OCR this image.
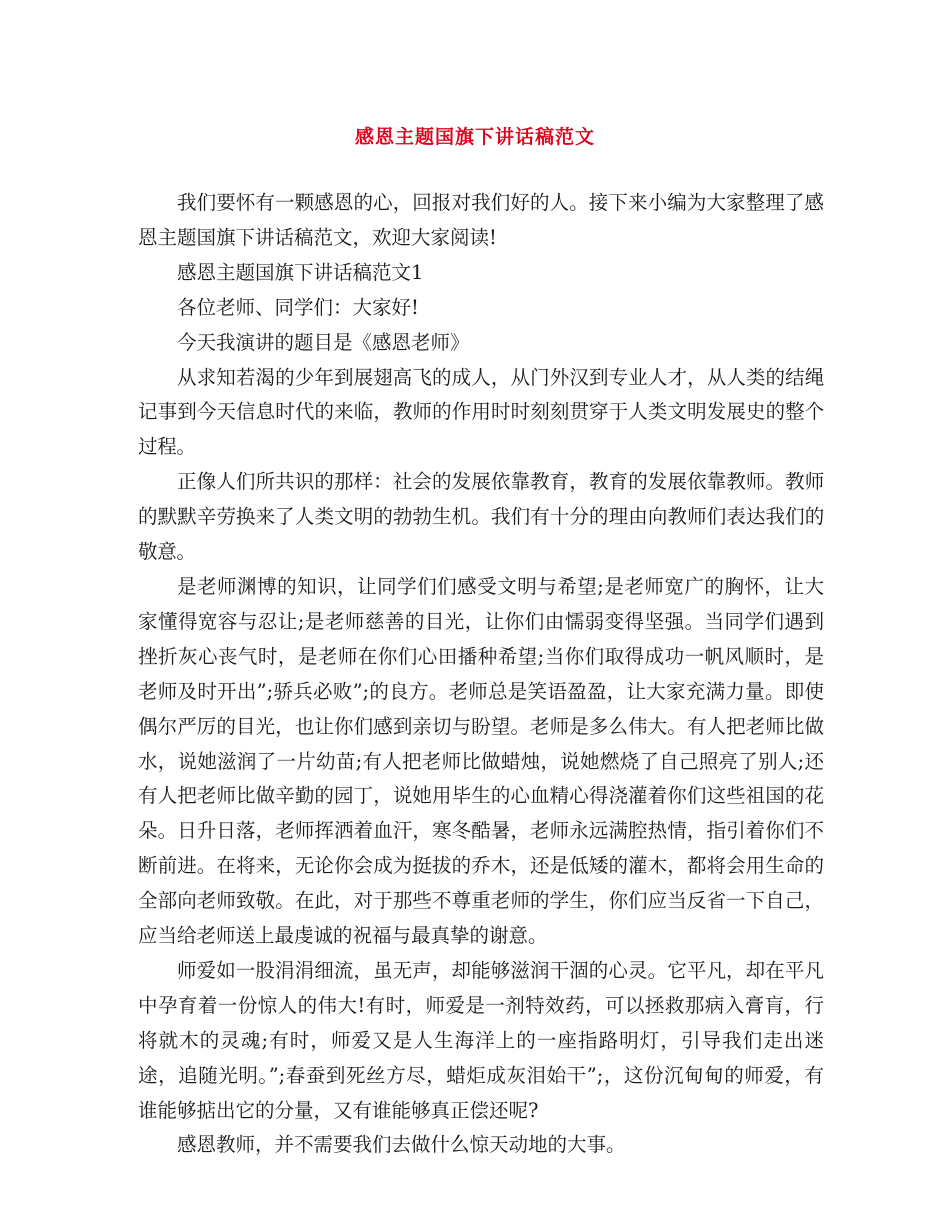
感恩主题国旗下讲话稿范文

我们要怀有一颗感恩的心，回报对我们好的人。接下来小编为大家整理了感恩主题国旗下讲话稿范文，欢迎大家阅读!

感恩主题国旗下讲话稿范文1

各位老师、同学们：大家好!

今天我演讲的题目是《感恩老师》

从求知若渴的少年到展翅高飞的成人，从门外汉到专业人才，从人类的结绳记事到今天信息时代的来临，教师的作用时时刻刻贯穿于人类文明发展史的整个过程。

正像人们所共识的那样：社会的发展依靠教育，教育的发展依靠教师。教师的默默辛劳换来了人类文明的勃勃生机。我们有十分的理由向教师们表达我们的敬意。

是老师渊博的知识，让同学们们感受文明与希望;是老师宽广的胸怀，让大家懂得宽容与忍让;是老师慈善的目光，让你们由懦弱变得坚强。当同学们遇到挫折灰心丧气时，是老师在你们心田播种希望;当你们取得成功一帆风顺时，是老师及时开出”;骄兵必败”;的良方。老师总是笑语盈盈，让大家充满力量。即使偶尔严厉的目光，也让你们感到亲切与盼望。老师是多么伟大。有人把老师比做水，说她滋润了一片幼苗;有人把老师比做蜡烛，说她燃烧了自己照亮了别人;还有人把老师比做辛勤的园丁，说她用毕生的心血精心得浇灌着你们这些祖国的花朵。日升日落，老师挥洒着血汗，寒冬酷暑，老师永远满腔热情，指引着你们不断前进。在将来，无论你会成为挺拔的乔木，还是低矮的灌木，都将会用生命的全部向老师致敬。在此，对于那些不尊重老师的学生，你们应当反省一下自己，应当给老师送上最虔诚的祝福与最真挚的谢意。

师爱如一股涓涓细流，虽无声，却能够滋润干涸的心灵。它平凡，却在平凡中孕育着一份惊人的伟大!有时，师爱是一剂特效药，可以拯救那病入膏肓，行将就木的灵魂;有时，师爱又是人生海洋上的一座指路明灯，引导我们走出迷途，追随光明。”;春蚕到死丝方尽，蜡炬成灰泪始干”;，这份沉甸甸的师爱，有谁能够掂出它的分量，又有谁能够真正偿还呢?

感恩教师，并不需要我们去做什么惊天动地的大事。
